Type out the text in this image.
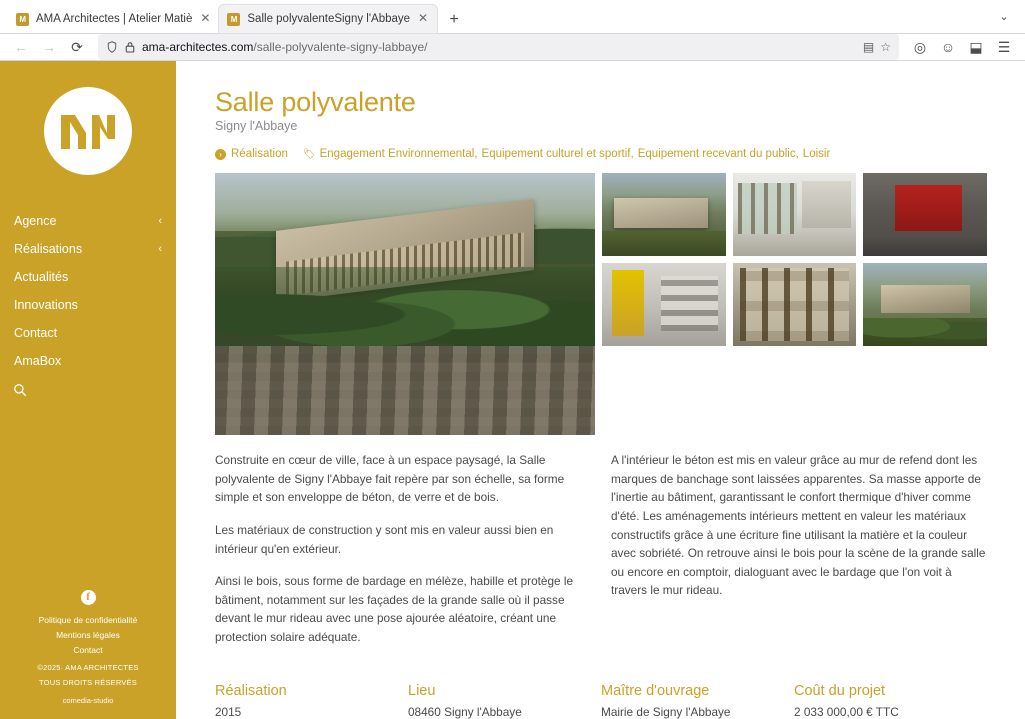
M AMA Architectes | Atelier Matiè ✕	M Salle polyvalenteSigny l'Abbaye ✕	+	⌄
←	→	⟳	ama-architectes.com/salle-polyvalente-signy-labbaye/	▤ ☆	◎	☺	⬓	☰
Agence	‹
Réalisations	‹
Actualités
Innovations
Contact
AmaBox
f
Politique de confidentialité
Mentions légales
Contact
©2025· AMA ARCHITECTES
TOUS DROITS RÉSERVÉS
comedia-studio
Salle polyvalente
Signy l'Abbaye
› Réalisation 🏷 Engagement Environnemental , Equipement culturel et sportif , Equipement recevant du public , Loisir

Construite en cœur de ville, face à un espace paysagé, la Salle polyvalente de Signy l'Abbaye fait repère par son échelle, sa forme simple et son enveloppe de béton, de verre et de bois.

Les matériaux de construction y sont mis en valeur aussi bien en intérieur qu'en extérieur.

Ainsi le bois, sous forme de bardage en mélèze, habille et protège le bâtiment, notamment sur les façades de la grande salle où il passe devant le mur rideau avec une pose ajourée aléatoire, créant une protection solaire adéquate.

A l'intérieur le béton est mis en valeur grâce au mur de refend dont les marques de banchage sont laissées apparentes. Sa masse apporte de l'inertie au bâtiment, garantissant le confort thermique d'hiver comme d'été. Les aménagements intérieurs mettent en valeur les matériaux constructifs grâce à une écriture fine utilisant la matière et la couleur avec sobriété. On retrouve ainsi le bois pour la scène de la grande salle ou encore en comptoir, dialoguant avec le bardage que l'on voit à travers le mur rideau.

Réalisation
2015
Lieu
08460 Signy l'Abbaye
Maître d'ouvrage
Mairie de Signy l'Abbaye
Coût du projet
2 033 000,00 € TTC
